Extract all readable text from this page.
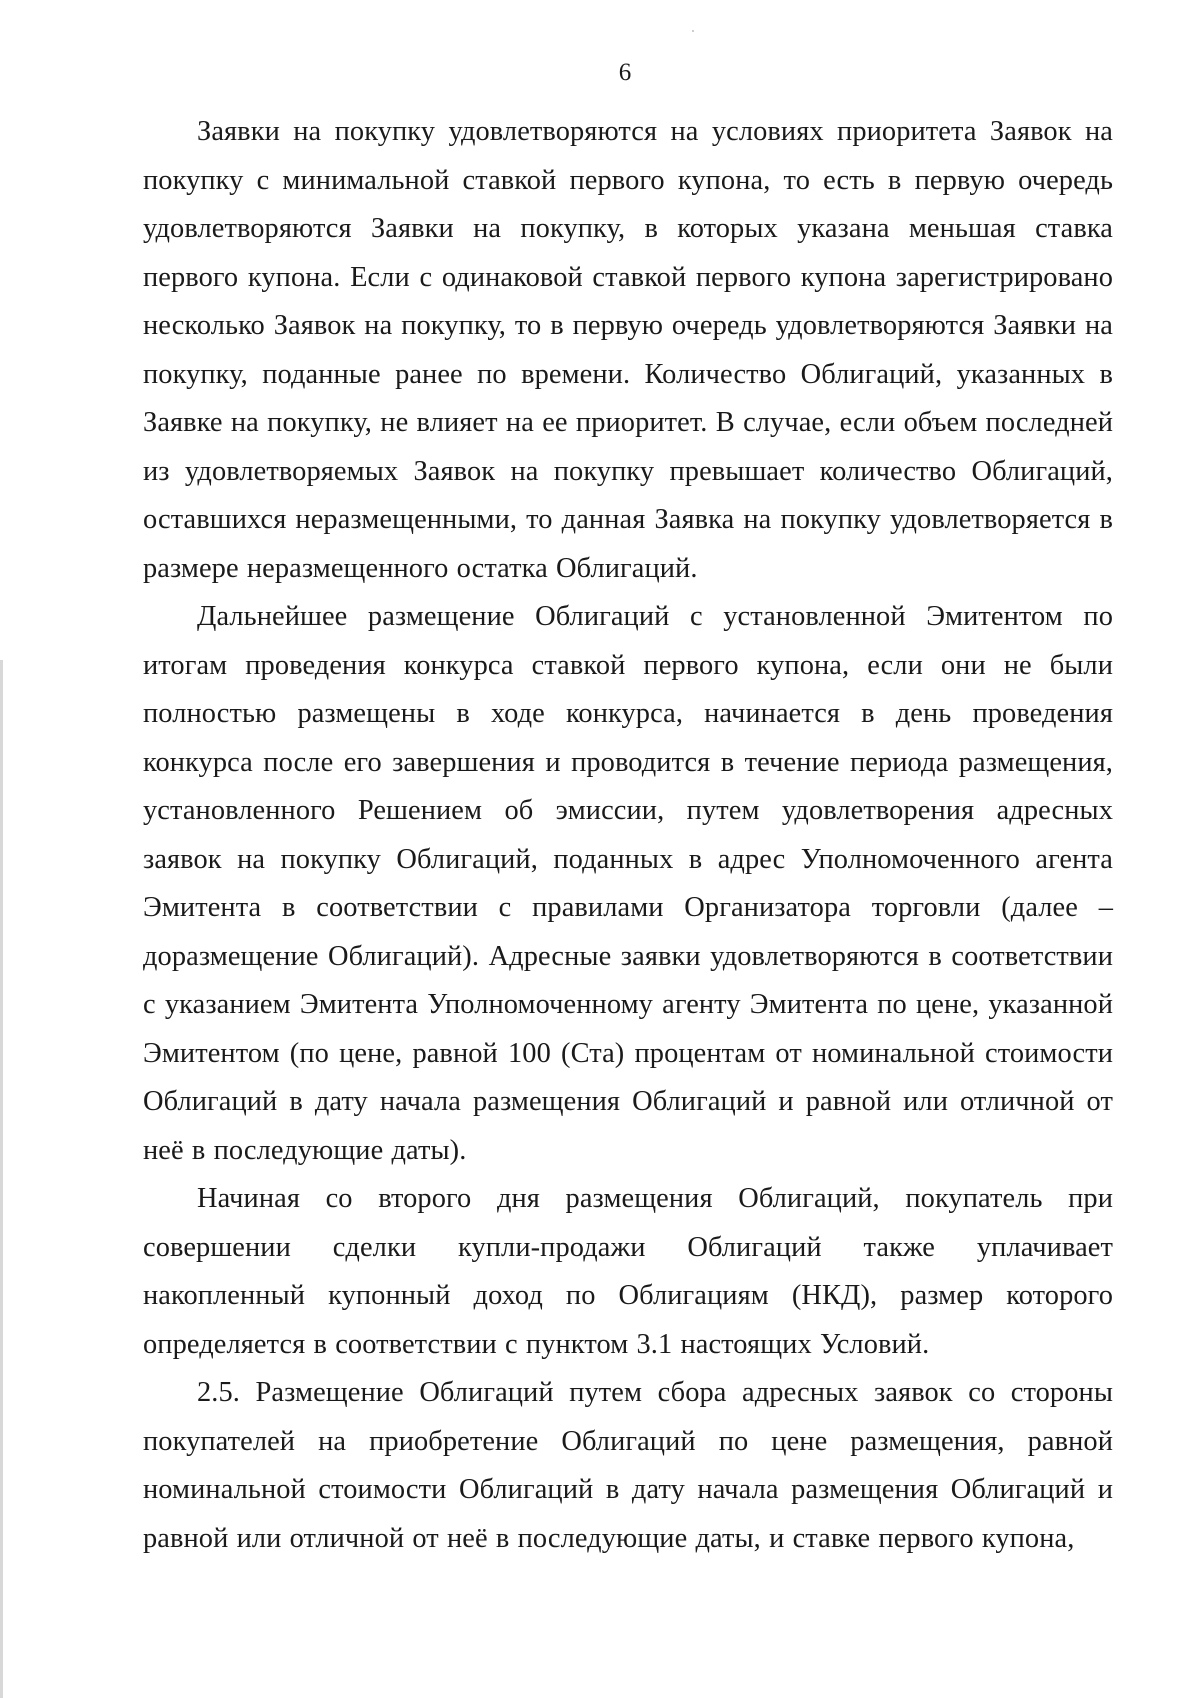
6

Заявки на покупку удовлетворяются на условиях приоритета Заявок на покупку с минимальной ставкой первого купона, то есть в первую очередь удовлетворяются Заявки на покупку, в которых указана меньшая ставка первого купона. Если с одинаковой ставкой первого купона зарегистрировано несколько Заявок на покупку, то в первую очередь удовлетворяются Заявки на покупку, поданные ранее по времени. Количество Облигаций, указанных в Заявке на покупку, не влияет на ее приоритет. В случае, если объем последней из удовлетворяемых Заявок на покупку превышает количество Облигаций, оставшихся неразмещенными, то данная Заявка на покупку удовлетворяется в размере неразмещенного остатка Облигаций.

Дальнейшее размещение Облигаций с установленной Эмитентом по итогам проведения конкурса ставкой первого купона, если они не были полностью размещены в ходе конкурса, начинается в день проведения конкурса после его завершения и проводится в течение периода размещения, установленного Решением об эмиссии, путем удовлетворения адресных заявок на покупку Облигаций, поданных в адрес Уполномоченного агента Эмитента в соответствии с правилами Организатора торговли (далее – доразмещение Облигаций). Адресные заявки удовлетворяются в соответствии с указанием Эмитента Уполномоченному агенту Эмитента по цене, указанной Эмитентом (по цене, равной 100 (Ста) процентам от номинальной стоимости Облигаций в дату начала размещения Облигаций и равной или отличной от неё в последующие даты).

Начиная со второго дня размещения Облигаций, покупатель при совершении сделки купли-продажи Облигаций также уплачивает накопленный купонный доход по Облигациям (НКД), размер которого определяется в соответствии с пунктом 3.1 настоящих Условий.

2.5. Размещение Облигаций путем сбора адресных заявок со стороны покупателей на приобретение Облигаций по цене размещения, равной номинальной стоимости Облигаций в дату начала размещения Облигаций и равной или отличной от неё в последующие даты, и ставке первого купона,
